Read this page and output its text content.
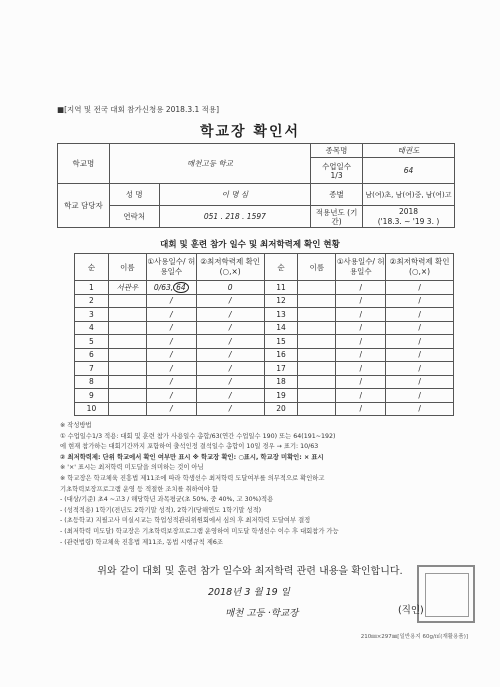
■[지역 및 전국 대회 참가신청용 2018.3.1 적용]
학교장 확인서
학교명	매천고등 학교		종목명	태권도
			수업일수
1/3	64
학교 담당자	성 명	이 명 심	종별	남(여)초, 남(여)중, 남(여)고
	연락처	051 . 218 . 1597	적용년도 (기간)	2018
('18.3. ~ '19 3. )
대회 및 훈련 참가 일수 및 최저학력제 확인 현황
순	이름	①사용일수/ 허용일수	②최저학력제 확인(○,×)	순	이름	①사용일수/ 허용일수	②최저학력제 확인(○,×)
1	서관우	0/63, 64	0	11		/	/
2		/	/	12		/	/
3		/	/	13		/	/
4		/	/	14		/	/
5		/	/	15		/	/
6		/	/	16		/	/
7		/	/	17		/	/
8		/	/	18		/	/
9		/	/	19		/	/
10		/	/	20		/	/
※ 작성방법
① 수업일수1/3 적용: 대회 및 훈련 참가 사용일수 총합/63(연간 수업일수 190) 또는 64(191~192)
에 현재 참가하는 대회기간까지 포함하여 출석인정 결석일수 총합이 10일 경우 → 표기: 10/63
② 최저학력제: 단위 학교에서 확인 여부만 표시 ※ 학교장 확인: ○표시, 학교장 미확인: × 표시
※ '×' 표시는 최저학력 미도달을 의미하는 것이 아님
※ 학교장은 학교체육 진흥법 제11조에 따라 학생선수 최저학력 도달여부를 의무적으로 확인하고
기초학력보장프로그램 운영 등 적절한 조치를 취하여야 함
- (대상/기준) 초4 ~고3 / 해당학년 과목평균(초 50%, 중 40%, 고 30%)적용
- (성적적용) 1학기(전년도 2학기말 성적), 2학기(당해연도 1학기말 성적)
- (초등학교) 지필고사 미실시교는 학업성적관리위원회에서 심의 후 최저학력 도달여부 결정
- (최저학력 미도달) 학교장은 기초학력보장프로그램 운영하여 미도달 학생선수 이수 후 대회참가 가능
- (관련법령) 학교체육 진흥법 제11조, 동법 시행규칙 제6조
위와 같이 대회 및 훈련 참가 일수와 최저학력 관련 내용을 확인합니다.
2018년 3 월 19 일
매천 고등 ·학교장	(직인)
210㎜×297㎜[일반용지 60g/㎡(재활용품)]
